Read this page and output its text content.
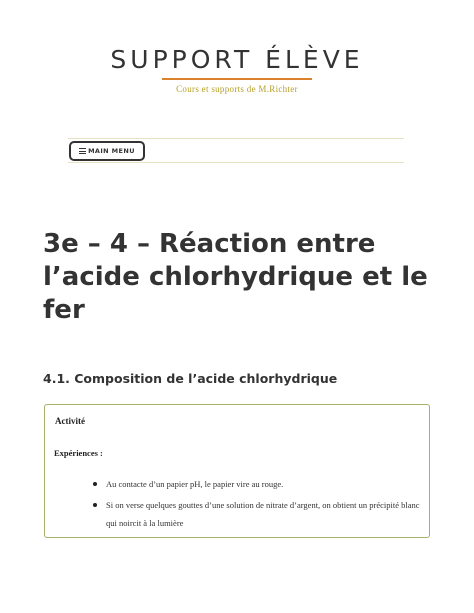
SUPPORT ÉLÈVE
Cours et supports de M.Richter
MAIN MENU
3e – 4 – Réaction entre l’acide chlorhydrique et le fer
4.1. Composition de l’acide chlorhydrique
Activité
Expériences :
Au contacte d’un papier pH, le papier vire au rouge.
Si on verse quelques gouttes d’une solution de nitrate d’argent, on obtient un précipité blanc qui noircit à la lumière
